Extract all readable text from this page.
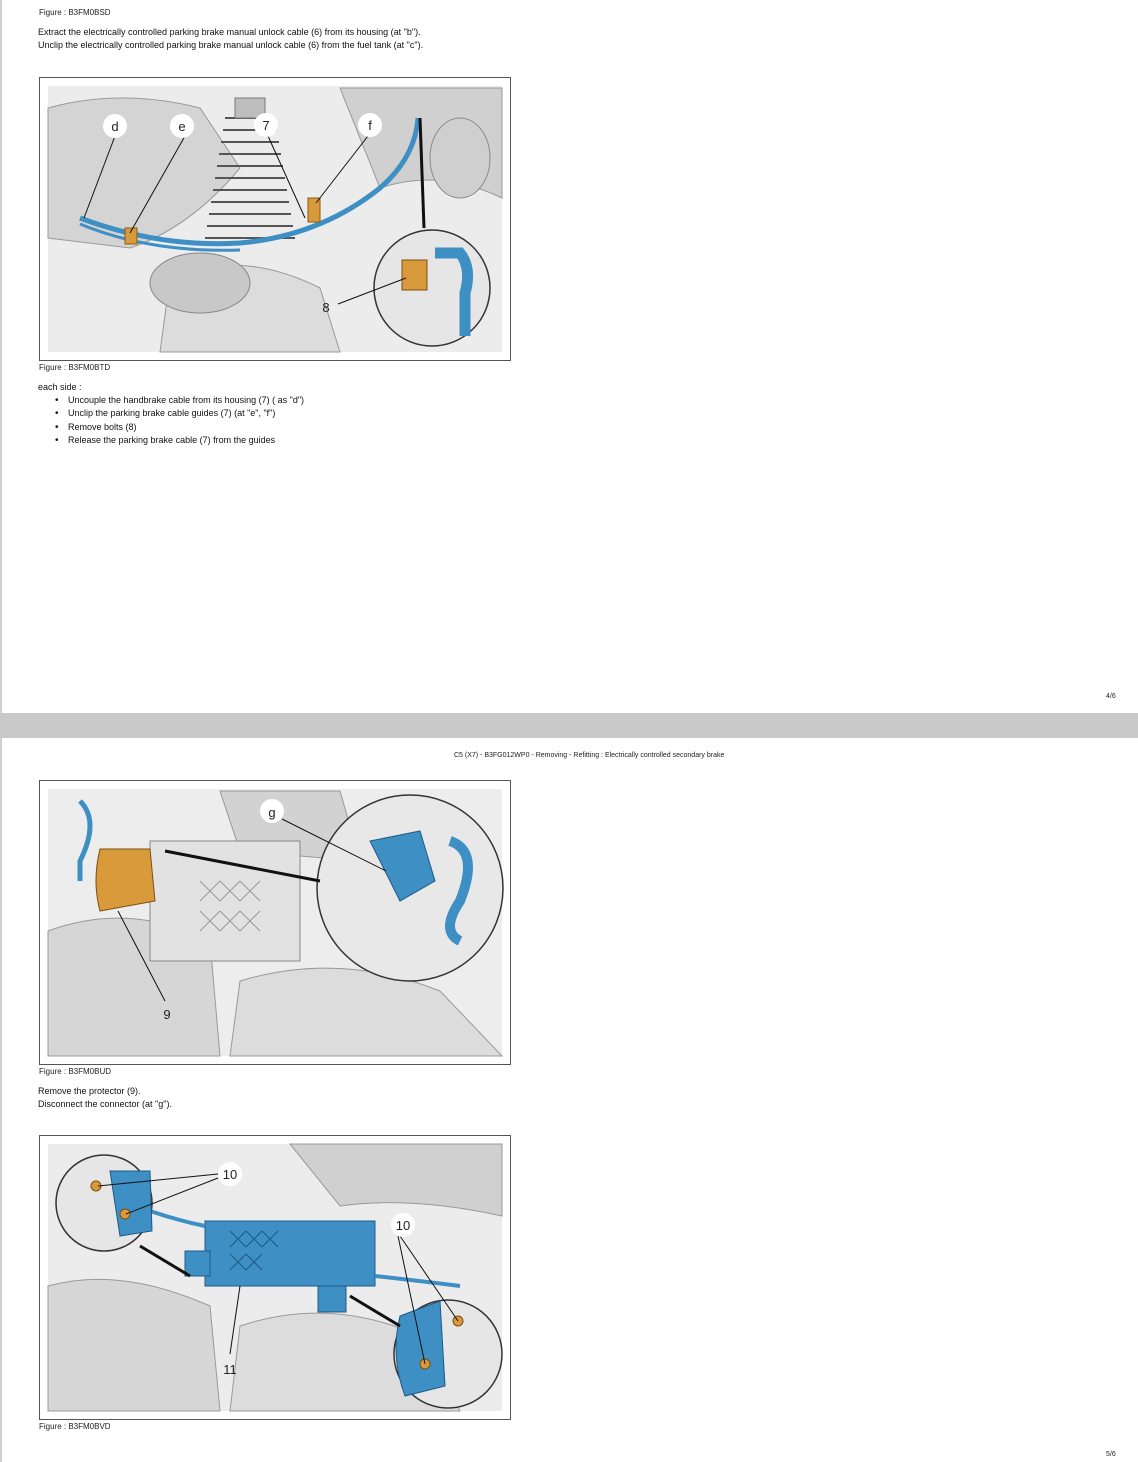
Figure : B3FM0BSD
Extract the electrically controlled parking brake manual unlock cable (6) from its housing (at "b").
Unclip the electrically controlled parking brake manual unlock cable (6) from the fuel tank (at "c").
d	e	7	f
8
Figure : B3FM0BTD
each side :
• Uncouple the handbrake cable from its housing (7) ( as "d")
• Unclip the parking brake cable guides (7) (at "e", "f")
• Remove bolts (8)
• Release the parking brake cable (7) from the guides
4/6
C5 (X7) - B3FG012WP0 - Removing - Refitting : Electrically controlled secondary brake
g
9
Figure : B3FM0BUD
Remove the protector (9).
Disconnect the connector (at "g").
10
10
11
Figure : B3FM0BVD
5/6
